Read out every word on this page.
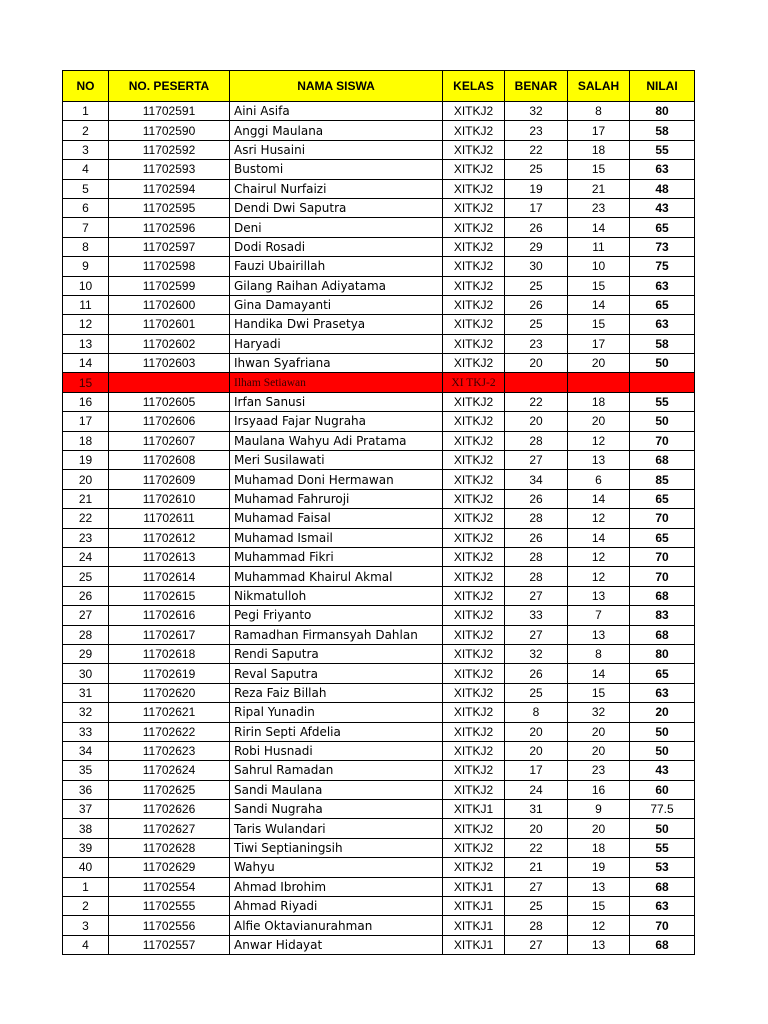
NO	NO. PESERTA	NAMA SISWA	KELAS	BENAR	SALAH	NILAI
1	11702591	Aini Asifa	XITKJ2	32	8	80
2	11702590	Anggi Maulana	XITKJ2	23	17	58
3	11702592	Asri Husaini	XITKJ2	22	18	55
4	11702593	Bustomi	XITKJ2	25	15	63
5	11702594	Chairul Nurfaizi	XITKJ2	19	21	48
6	11702595	Dendi Dwi Saputra	XITKJ2	17	23	43
7	11702596	Deni	XITKJ2	26	14	65
8	11702597	Dodi Rosadi	XITKJ2	29	11	73
9	11702598	Fauzi Ubairillah	XITKJ2	30	10	75
10	11702599	Gilang Raihan Adiyatama	XITKJ2	25	15	63
11	11702600	Gina Damayanti	XITKJ2	26	14	65
12	11702601	Handika Dwi Prasetya	XITKJ2	25	15	63
13	11702602	Haryadi	XITKJ2	23	17	58
14	11702603	Ihwan Syafriana	XITKJ2	20	20	50
15		Ilham Setiawan	XI TKJ-2			
16	11702605	Irfan Sanusi	XITKJ2	22	18	55
17	11702606	Irsyaad Fajar Nugraha	XITKJ2	20	20	50
18	11702607	Maulana Wahyu Adi Pratama	XITKJ2	28	12	70
19	11702608	Meri Susilawati	XITKJ2	27	13	68
20	11702609	Muhamad Doni Hermawan	XITKJ2	34	6	85
21	11702610	Muhamad Fahruroji	XITKJ2	26	14	65
22	11702611	Muhamad Faisal	XITKJ2	28	12	70
23	11702612	Muhamad Ismail	XITKJ2	26	14	65
24	11702613	Muhammad Fikri	XITKJ2	28	12	70
25	11702614	Muhammad Khairul Akmal	XITKJ2	28	12	70
26	11702615	Nikmatulloh	XITKJ2	27	13	68
27	11702616	Pegi Friyanto	XITKJ2	33	7	83
28	11702617	Ramadhan Firmansyah Dahlan	XITKJ2	27	13	68
29	11702618	Rendi Saputra	XITKJ2	32	8	80
30	11702619	Reval Saputra	XITKJ2	26	14	65
31	11702620	Reza Faiz Billah	XITKJ2	25	15	63
32	11702621	Ripal Yunadin	XITKJ2	8	32	20
33	11702622	Ririn Septi Afdelia	XITKJ2	20	20	50
34	11702623	Robi Husnadi	XITKJ2	20	20	50
35	11702624	Sahrul Ramadan	XITKJ2	17	23	43
36	11702625	Sandi Maulana	XITKJ2	24	16	60
37	11702626	Sandi Nugraha	XITKJ1	31	9	77.5
38	11702627	Taris Wulandari	XITKJ2	20	20	50
39	11702628	Tiwi Septianingsih	XITKJ2	22	18	55
40	11702629	Wahyu	XITKJ2	21	19	53
1	11702554	Ahmad Ibrohim	XITKJ1	27	13	68
2	11702555	Ahmad Riyadi	XITKJ1	25	15	63
3	11702556	Alfie Oktavianurahman	XITKJ1	28	12	70
4	11702557	Anwar Hidayat	XITKJ1	27	13	68
